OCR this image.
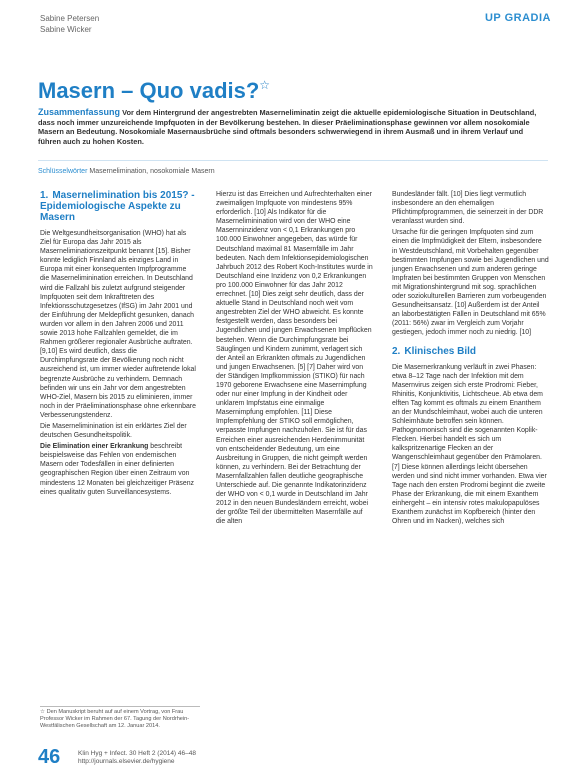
Sabine Petersen
Sabine Wicker
UP GRADIA
Masern – Quo vadis?☆
Zusammenfassung Vor dem Hintergrund der angestrebten Maserneliminatin zeigt die aktuelle epidemiologische Situation in Deutschland, dass noch immer unzureichende Impfquoten in der Bevölkerung bestehen. In dieser Präeliminationsphase gewinnen vor allem nosokomiale Masern an Bedeutung. Nosokomiale Masernausbrüche sind oftmals besonders schwerwiegend in ihrem Ausmaß und in ihrem Verlauf und führen auch zu hohen Kosten.
Schlüsselwörter Masernelimination, nosokomiale Masern
1. Masernelimination bis 2015? - Epidemiologische Aspekte zu Masern

Die Weltgesundheitsorganisation (WHO) hat als Ziel für Europa das Jahr 2015 als Maserneliminationszeitpunkt benannt [15]. Bisher konnte lediglich Finnland als einziges Land in Europa mit einer konsequenten Impfprogramme die Maserneliminination erreichen. In Deutschland wird die Fallzahl bis zuletzt aufgrund steigender Impfquoten seit dem Inkrafttreten des Infektionsschutzgesetzes (IfSG) im Jahr 2001 und der Einführung der Meldepflicht gesunken, danach wurden vor allem in den Jahren 2006 und 2011 sowie 2013 hohe Fallzahlen gemeldet, die im Rahmen größerer regionaler Ausbrüche auftraten. [9,10] Es wird deutlich, dass die Durchimpfungsrate der Bevölkerung noch nicht ausreichend ist, um immer wieder auftretende lokal begrenzte Ausbrüche zu verhindern. Demnach befinden wir uns ein Jahr vor dem angestrebten WHO-Ziel, Masern bis 2015 zu eliminieren, immer noch in der Präeliminationsphase ohne erkennbare Verbesserungstendenz.

Die Maserneliminination ist ein erklärtes Ziel der deutschen Gesundheitspolitik.

Die Elimination einer Erkrankung beschreibt beispielsweise das Fehlen von endemischen Masern oder Todesfällen in einer definierten geographischen Region über einen Zeitraum von mindestens 12 Monaten bei gleichzeitiger Präsenz eines qualitativ guten Surveillancesystems.

Hierzu ist das Erreichen und Aufrechterhalten einer zweimaligen Impfquote von mindestens 95% erforderlich. [10] Als Indikator für die Maserneliminination wird von der WHO eine Masernninzidenz von < 0,1 Erkrankungen pro 100.000 Einwohner angegeben, das würde für Deutschland maximal 81 Masernfälle im Jahr bedeuten. Nach dem Infektionsepidemiologischen Jahrbuch 2012 des Robert Koch-Institutes wurde in Deutschland eine Inzidenz von 0,2 Erkrankungen pro 100.000 Einwohner für das Jahr 2012 errechnet. [10] Dies zeigt sehr deutlich, dass der aktuelle Stand in Deutschland noch weit vom angestrebten Ziel der WHO abweicht. Es konnte festgestellt werden, dass besonders bei Jugendlichen und jungen Erwachsenen Impflücken bestehen. Wenn die Durchimpfungsrate bei Säuglingen und Kindern zunimmt, verlagert sich der Anteil an Erkrankten oftmals zu Jugendlichen und jungen Erwachsenen. [5] [7] Daher wird von der Ständigen Impfkommission (STIKO) für nach 1970 geborene Erwachsene eine Masernimpfung oder nur einer Impfung in der Kindheit oder unklarem Impfstatus eine einmalige Masernimpfung empfohlen. [11] Diese Impfempfehlung der STIKO soll ermöglichen, verpasste Impfungen nachzuholen. Sie ist für das Erreichen einer ausreichenden Herdenimmunität von entscheidender Bedeutung, um eine Ausbreitung in Gruppen, die nicht geimpft werden können, zu verhindern. Bei der Betrachtung der Masernfallzahlen fallen deutliche geographische Unterschiede auf. Die genannte Indikatorinzidenz der WHO von < 0,1 wurde in Deutschland im Jahr 2012 in den neuen Bundesländern erreicht, wobei der größte Teil der übermittelten Masernfälle auf die alten

Bundesländer fällt. [10] Dies liegt vermutlich insbesondere an den ehemaligen Pflichtimpfprogrammen, die seinerzeit in der DDR veranlasst wurden sind.

Ursache für die geringen Impfquoten sind zum einen die Impfmüdigkeit der Eltern, insbesondere in Westdeutschland, mit Vorbehalten gegenüber bestimmten Impfungen sowie bei Jugendlichen und jungen Erwachsenen und zum anderen geringe Impfraten bei bestimmten Gruppen von Menschen mit Migrationshintergrund mit sog. sprachlichen oder soziokulturellen Barrieren zum vorbeugenden Gesundheitsansatz. [10] Außerdem ist der Anteil an laborbestätigten Fällen in Deutschland mit 65% (2011: 56%) zwar im Vergleich zum Vorjahr gestiegen, jedoch immer noch zu niedrig. [10]

2. Klinisches Bild

Die Masernerkrankung verläuft in zwei Phasen: etwa 8–12 Tage nach der Infektion mit dem Masernvirus zeigen sich erste Prodromi: Fieber, Rhinitis, Konjunktivitis, Lichtscheue. Ab etwa dem elften Tag kommt es oftmals zu einem Enanthem an der Mundschleimhaut, wobei auch die unteren Schleimhäute betroffen sein können. Pathognomonisch sind die sogenannten Koplik-Flecken. Hierbei handelt es sich um kalkspritzenartige Flecken an der Wangenschleimhaut gegenüber den Prämolaren. [7] Diese können allerdings leicht übersehen werden und sind nicht immer vorhanden. Etwa vier Tage nach den ersten Prodromi beginnt die zweite Phase der Erkrankung, die mit einem Exanthem einhergeht – ein intensiv rotes makulopapulöses Exanthem zunächst im Kopfbereich (hinter den Ohren und im Nacken), welches sich

☆ Den Manuskript beruht auf auf einem Vortrag, von Frau Professor Wicker im Rahmen der 67. Tagung der Nordrhein-Westfälischen Gesellschaft am 12. Januar 2014.
46	Klin Hyg + Infect. 30 Heft 2 (2014) 46–48
http://journals.elsevier.de/hygiene
